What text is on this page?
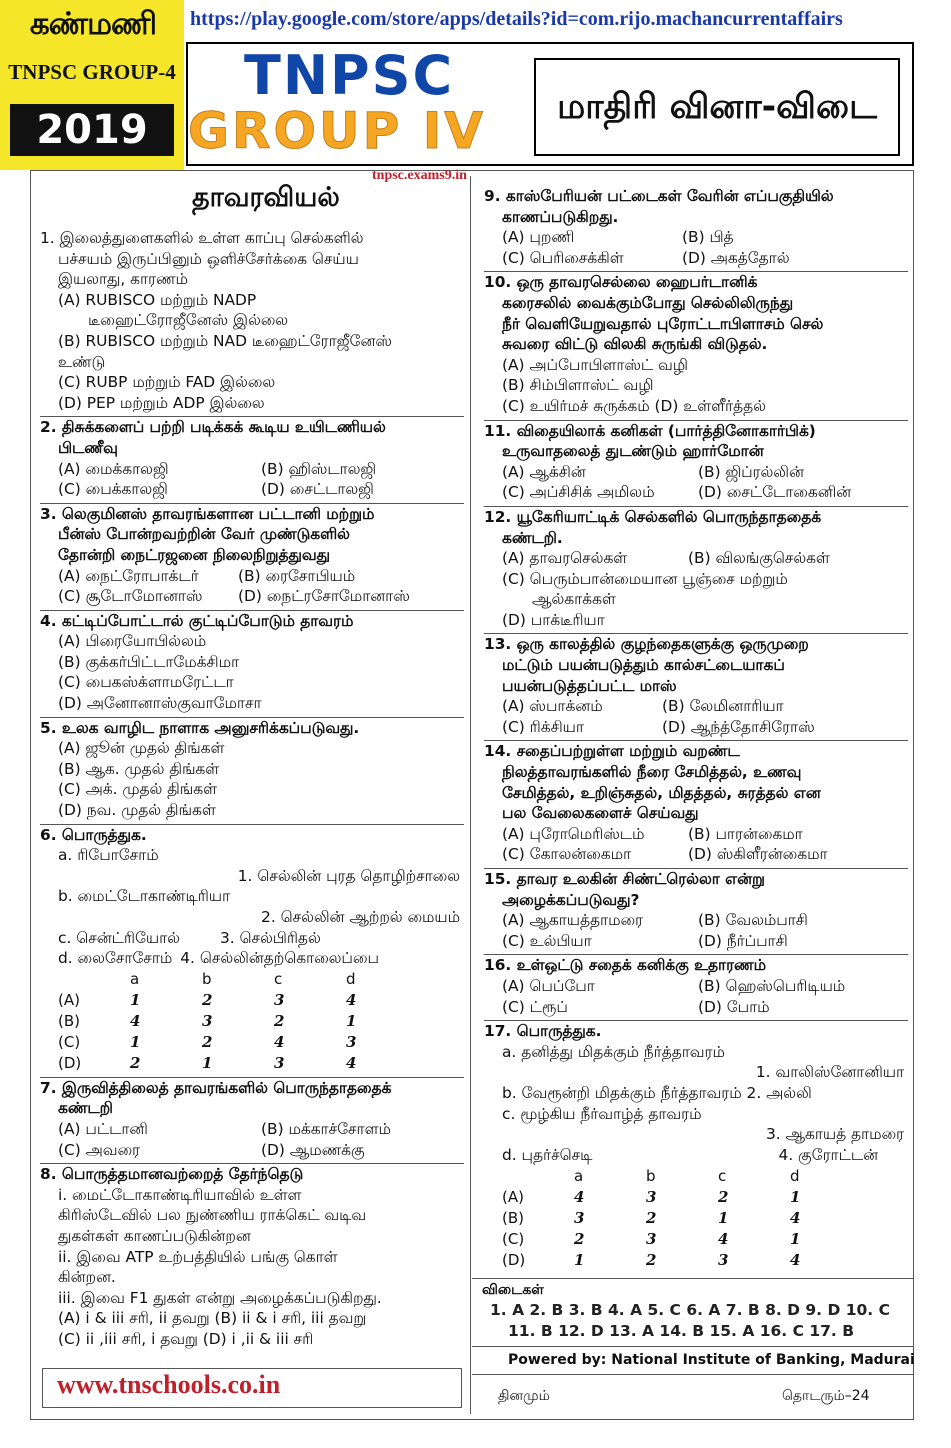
கண்மணி
TNPSC GROUP-4
2019
https://play.google.com/store/apps/details?id=com.rijo.machancurrentaffairs
TNPSC
GROUP IV	மாதிரி வினா-விடை
tnpsc.exams9.in
தாவரவியல்
1. இலைத்துளைகளில் உள்ள காப்பு செல்களில்
பச்சயம் இருப்பினும் ஒளிச்சேர்க்கை செய்ய
இயலாது, காரணம்
(A) RUBISCO மற்றும் NADP
டீஹைட்ரோஜீனேஸ் இல்லை
(B) RUBISCO மற்றும் NAD டீஹைட்ரோஜீனேஸ்
உண்டு
(C) RUBP மற்றும் FAD இல்லை
(D) PEP மற்றும் ADP இல்லை
2. திசுக்களைப் பற்றி படிக்கக் கூடிய உயிடணியல்
பிடணீவு
(A) மைக்காலஜி	(B) ஹிஸ்டாலஜி
(C) பைக்காலஜி	(D) சைட்டாலஜி
3. லெகுமினஸ் தாவரங்களான பட்டானி மற்றும்
பீன்ஸ் போன்றவற்றின் வேர் முண்டுகளில்
தோன்றி நைட்ரஜனை நிலைநிறுத்துவது
(A) நைட்ரோபாக்டர்	(B) ரைசோபியம்
(C) சூடோமோனாஸ்	(D) நைட்ரசோமோனாஸ்
4. கட்டிப்போட்டால் குட்டிப்போடும் தாவரம்
(A) பிரையோபில்லம்
(B) குக்கர்பிட்டாமேக்சிமா
(C) பைகஸ்க்ளாமரேட்டா
(D) அனோனாஸ்குவாமோசா
5. உலக வாழிட நாளாக அனுசரிக்கப்படுவது.
(A) ஜூன் முதல் திங்கள்
(B) ஆக. முதல் திங்கள்
(C) அக். முதல் திங்கள்
(D) நவ. முதல் திங்கள்
6. பொருத்துக.
a. ரிபோசோம்
1. செல்லின் புரத தொழிற்சாலை
b. மைட்டோகாண்டிரியா
2. செல்லின் ஆற்றல் மையம்
c. சென்ட்ரியோல்	3. செல்பிரிதல்
d. லைசோசோம் 4. செல்லின்தற்கொலைப்பை
	a	b	c	d
(A)	1	2	3	4
(B)	4	3	2	1
(C)	1	2	4	3
(D)	2	1	3	4
7. இருவித்திலைத் தாவரங்களில் பொருந்தாததைக்
கண்டறி
(A) பட்டானி	(B) மக்காச்சோளம்
(C) அவரை	(D) ஆமணக்கு
8. பொருத்தமானவற்றைத் தேர்ந்தெடு
i. மைட்டோகாண்டிரியாவில் உள்ள
கிரிஸ்டேவில் பல நுண்ணிய ராக்கெட் வடிவ
துகள்கள் காணப்படுகின்றன
ii. இவை ATP உற்பத்தியில் பங்கு கொள்
கின்றன.
iii. இவை F1 துகள் என்று அழைக்கப்படுகிறது.
(A) i & iii சரி, ii தவறு (B) ii & i சரி, iii தவறு
(C) ii ,iii சரி, i தவறு (D) i ,ii & iii சரி
9. காஸ்பேரியன் பட்டைகள் வேரின் எப்பகுதியில்
காணப்படுகிறது.
(A) புறணி	(B) பித்
(C) பெரிசைக்கிள்	(D) அகத்தோல்
10. ஒரு தாவரசெல்லை ஹைபர்டானிக்
கரைசலில் வைக்கும்போது செல்லிலிருந்து
நீர் வெளியேறுவதால் புரோட்டாபிளாசம் செல்
சுவரை விட்டு விலகி சுருங்கி விடுதல்.
(A) அப்போபிளாஸ்ட் வழி
(B) சிம்பிளாஸ்ட் வழி
(C) உயிர்மச் சுருக்கம் (D) உள்ளீர்த்தல்
11. விதையிலாக் கனிகள் (பார்த்தினோகார்பிக்)
உருவாதலைத் துடண்டும் ஹார்மோன்
(A) ஆக்சின்	(B) ஜிப்ரல்லின்
(C) அப்சிசிக் அமிலம்	(D) சைட்டோகைனின்
12. யூகேரியாட்டிக் செல்களில் பொருந்தாததைக்
கண்டறி.
(A) தாவரசெல்கள்	(B) விலங்குசெல்கள்
(C) பெரும்பான்மையான பூஞ்சை மற்றும்
ஆல்காக்கள்
(D) பாக்டீரியா
13. ஒரு காலத்தில் குழந்தைகளுக்கு ஒருமுறை
மட்டும் பயன்படுத்தும் கால்சட்டையாகப்
பயன்படுத்தப்பட்ட மாஸ்
(A) ஸ்பாக்னம்	(B) லேமினாரியா
(C) ரிக்சியா	(D) ஆந்த்தோசிரோஸ்
14. சதைப்பற்றுள்ள மற்றும் வறண்ட
நிலத்தாவரங்களில் நீரை சேமித்தல், உணவு
சேமித்தல், உறிஞ்சுதல், மிதத்தல், சுரத்தல் என
பல வேலைகளைச் செய்வது
(A) புரோமெரிஸ்டம்	(B) பாரன்கைமா
(C) கோலன்கைமா	(D) ஸ்கிளீரன்கைமா
15. தாவர உலகின் சிண்ட்ரெல்லா என்று
அழைக்கப்படுவது?
(A) ஆகாயத்தாமரை	(B) வேலம்பாசி
(C) உல்பியா	(D) நீர்ப்பாசி
16. உள்ஒட்டு சதைக் கனிக்கு உதாரணம்
(A) பெப்போ	(B) ஹெஸ்பெரிடியம்
(C) ட்ரூப்	(D) போம்
17. பொருத்துக.
a. தனித்து மிதக்கும் நீர்த்தாவரம்
1. வாலிஸ்னோனியா
b. வேரூன்றி மிதக்கும் நீர்த்தாவரம் 2. அல்லி
c. மூழ்கிய நீர்வாழ்த் தாவரம்
3. ஆகாயத் தாமரை
d. புதர்ச்செடி	4. குரோட்டன்
	a	b	c	d
(A)	4	3	2	1
(B)	3	2	1	4
(C)	2	3	4	1
(D)	1	2	3	4
விடைகள்
1. A 2. B 3. B 4. A 5. C 6. A 7. B 8. D 9. D 10. C
11. B 12. D 13. A 14. B 15. A 16. C 17. B
Powered by: National Institute of Banking, Madurai
www.tnschools.co.in	தினமும்	தொடரும்–24
